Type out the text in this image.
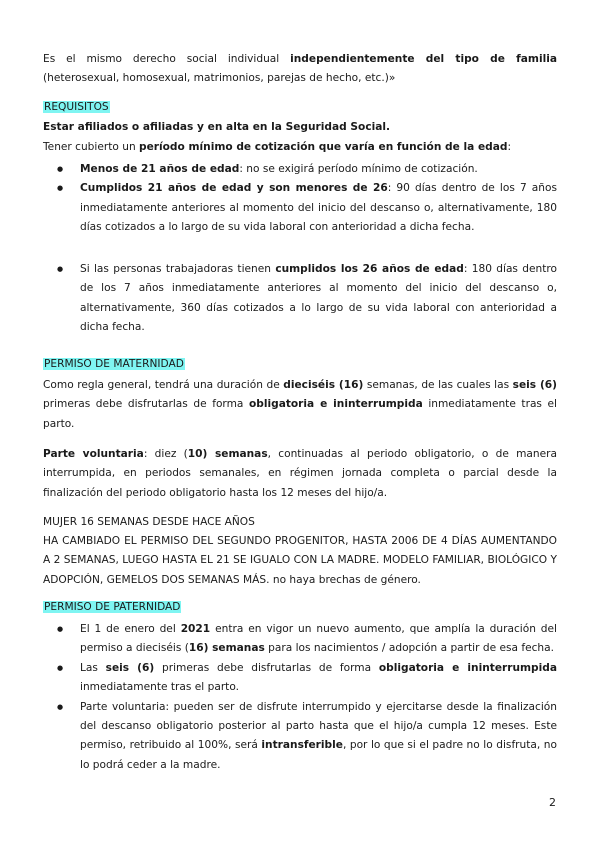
Es el mismo derecho social individual independientemente del tipo de familia (heterosexual, homosexual, matrimonios, parejas de hecho, etc.)»

REQUISITOS
Estar afiliados o afiliadas y en alta en la Seguridad Social.
Tener cubierto un período mínimo de cotización que varía en función de la edad:
● Menos de 21 años de edad: no se exigirá período mínimo de cotización.
● Cumplidos 21 años de edad y son menores de 26: 90 días dentro de los 7 años inmediatamente anteriores al momento del inicio del descanso o, alternativamente, 180 días cotizados a lo largo de su vida laboral con anterioridad a dicha fecha.
● Si las personas trabajadoras tienen cumplidos los 26 años de edad: 180 días dentro de los 7 años inmediatamente anteriores al momento del inicio del descanso o, alternativamente, 360 días cotizados a lo largo de su vida laboral con anterioridad a dicha fecha.
PERMISO DE MATERNIDAD

Como regla general, tendrá una duración de dieciséis (16) semanas, de las cuales las seis (6) primeras debe disfrutarlas de forma obligatoria e ininterrumpida inmediatamente tras el parto.

Parte voluntaria: diez (10) semanas, continuadas al periodo obligatorio, o de manera interrumpida, en periodos semanales, en régimen jornada completa o parcial desde la finalización del periodo obligatorio hasta los 12 meses del hijo/a.

MUJER 16 SEMANAS DESDE HACE AÑOS

HA CAMBIADO EL PERMISO DEL SEGUNDO PROGENITOR, HASTA 2006 DE 4 DÍAS AUMENTANDO A 2 SEMANAS, LUEGO HASTA EL 21 SE IGUALO CON LA MADRE. MODELO FAMILIAR, BIOLÓGICO Y ADOPCIÓN, GEMELOS DOS SEMANAS MÁS. no haya brechas de género.

PERMISO DE PATERNIDAD
● El 1 de enero del 2021 entra en vigor un nuevo aumento, que amplía la duración del permiso a dieciséis (16) semanas para los nacimientos / adopción a partir de esa fecha.
● Las seis (6) primeras debe disfrutarlas de forma obligatoria e ininterrumpida inmediatamente tras el parto.
● Parte voluntaria: pueden ser de disfrute interrumpido y ejercitarse desde la finalización del descanso obligatorio posterior al parto hasta que el hijo/a cumpla 12 meses. Este permiso, retribuido al 100%, será intransferible, por lo que si el padre no lo disfruta, no lo podrá ceder a la madre.
2
